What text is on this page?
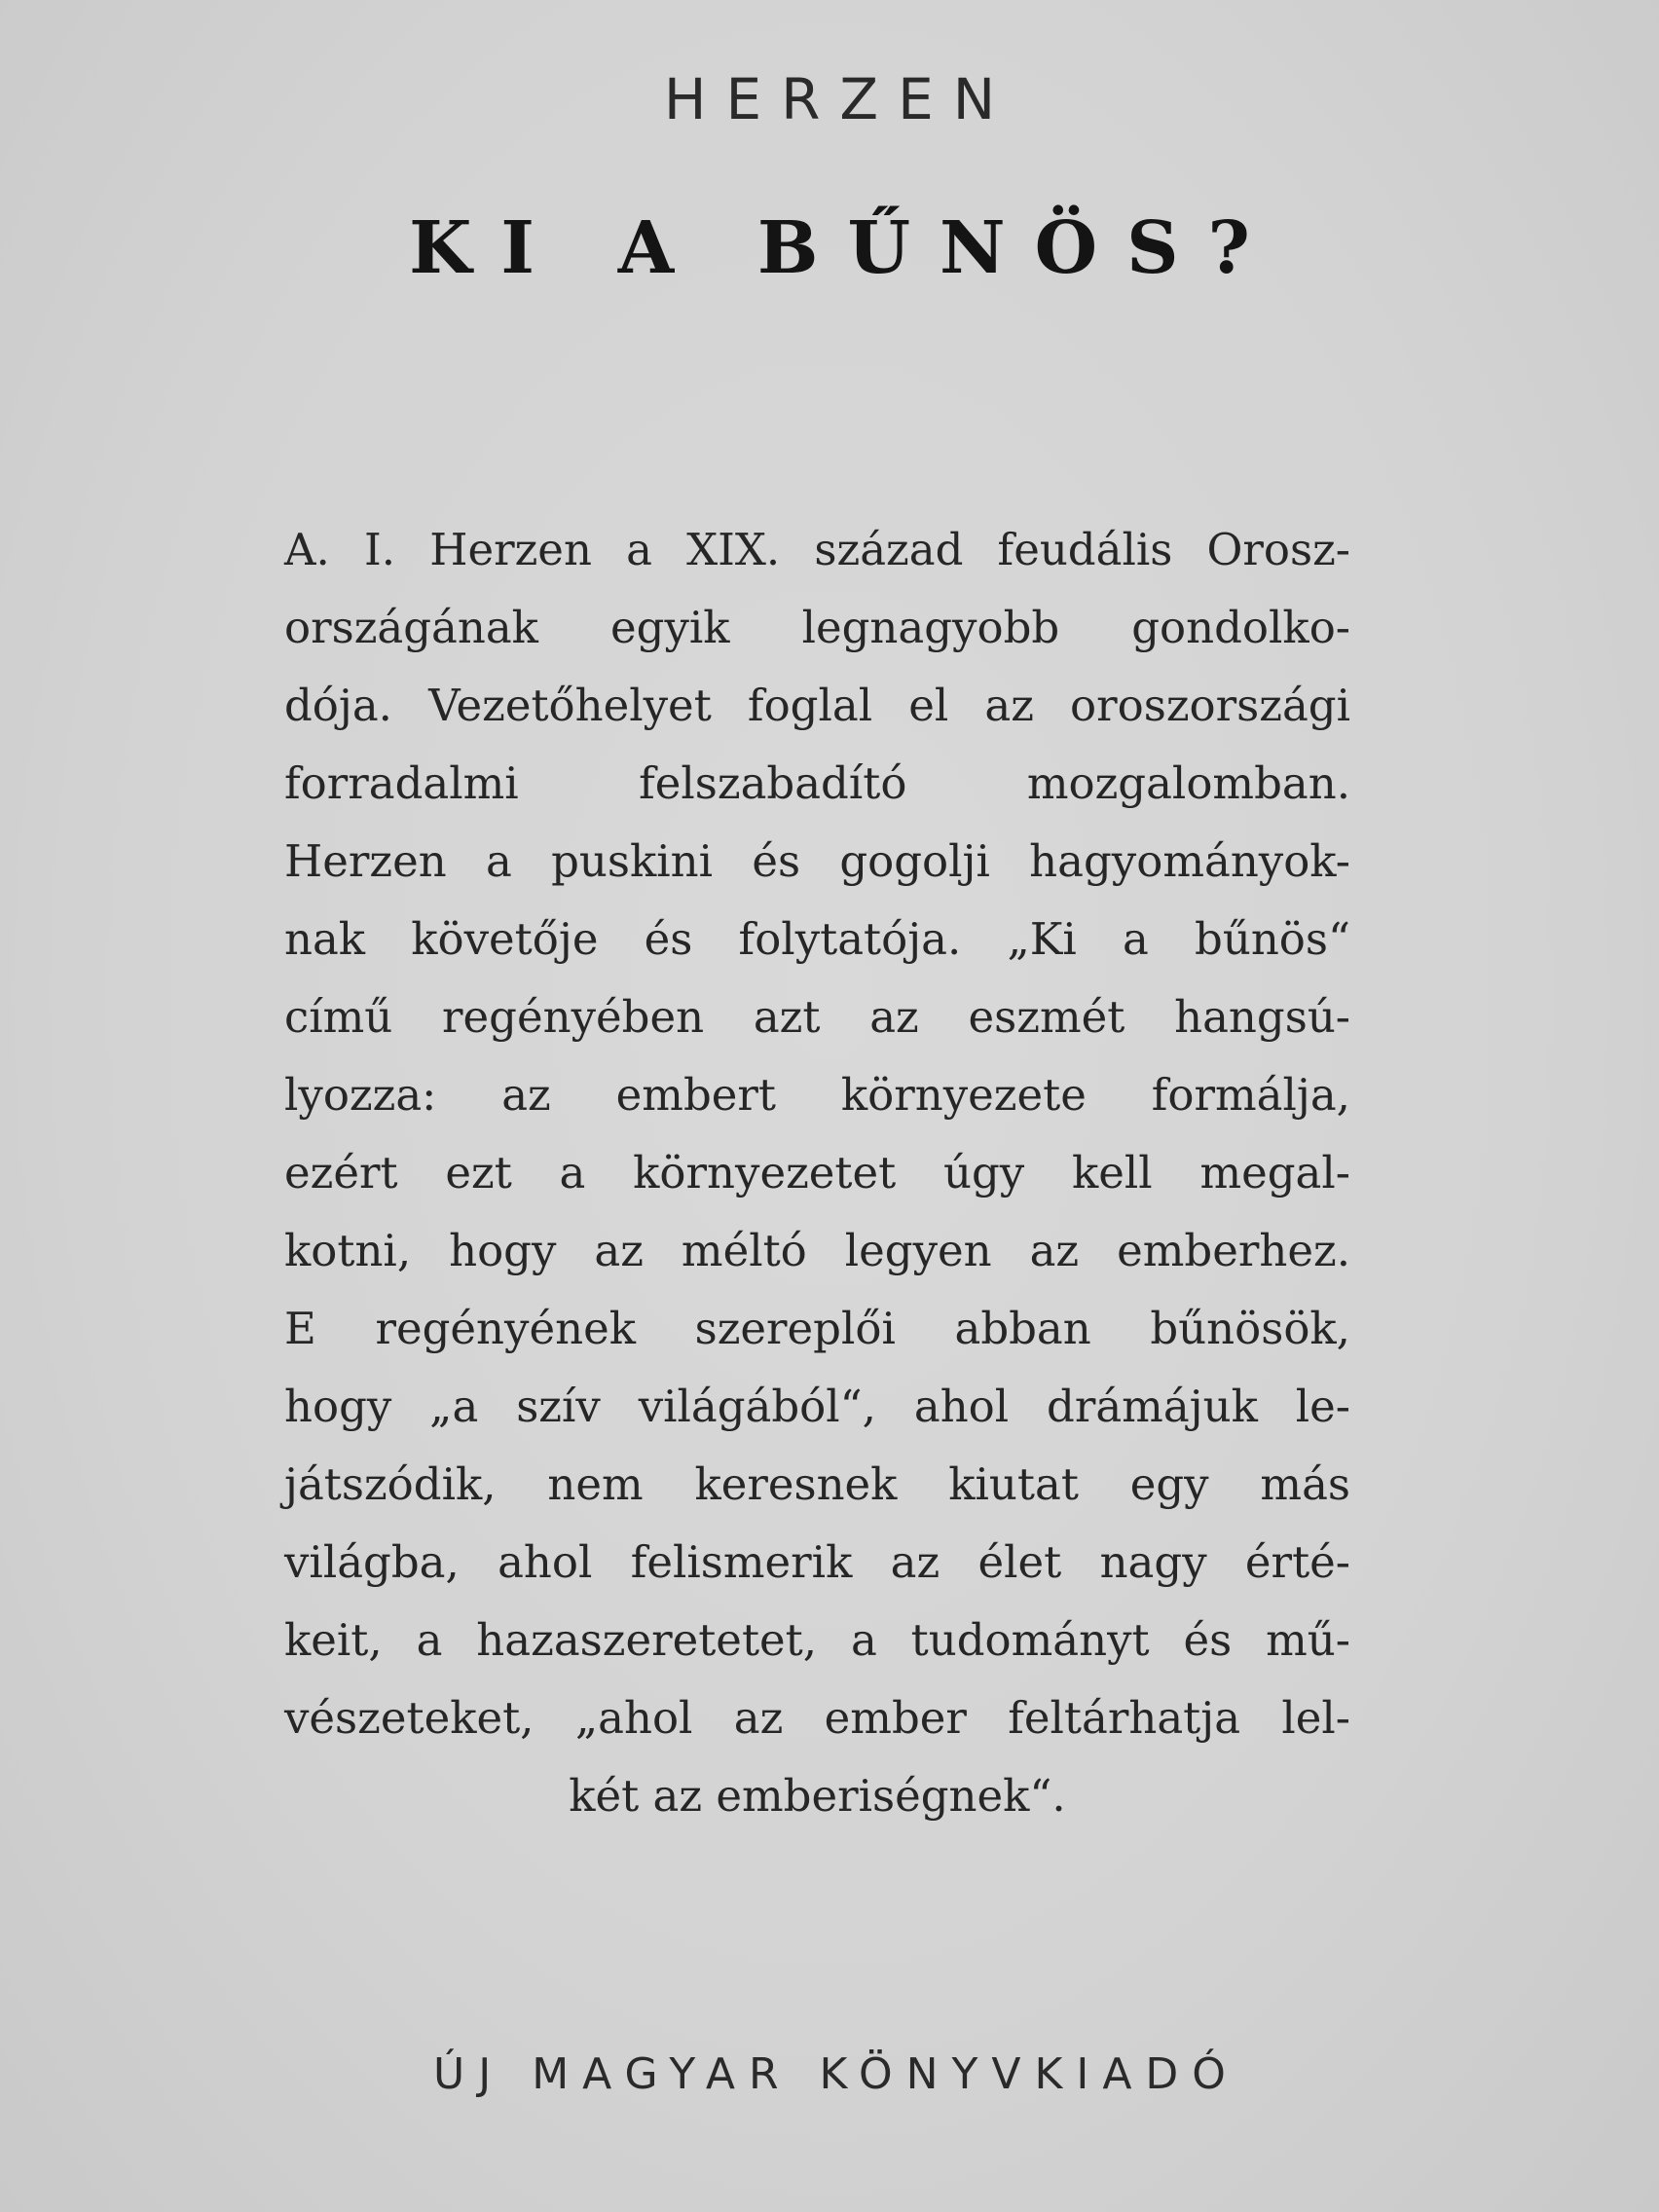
HERZEN
KI A BŰNÖS?
A. I. Herzen a XIX. század feudális Orosz-
országának egyik legnagyobb gondolko-
dója. Vezetőhelyet foglal el az oroszországi
forradalmi felszabadító mozgalomban.
Herzen a puskini és gogolji hagyományok-
nak követője és folytatója. „Ki a bűnös“
című regényében azt az eszmét hangsú-
lyozza: az embert környezete formálja,
ezért ezt a környezetet úgy kell megal-
kotni, hogy az méltó legyen az emberhez.
E regényének szereplői abban bűnösök,
hogy „a szív világából“, ahol drámájuk le-
játszódik, nem keresnek kiutat egy más
világba, ahol felismerik az élet nagy érté-
keit, a hazaszeretetet, a tudományt és mű-
vészeteket, „ahol az ember feltárhatja lel-
két az emberiségnek“.
ÚJ MAGYAR KÖNYVKIADÓ
